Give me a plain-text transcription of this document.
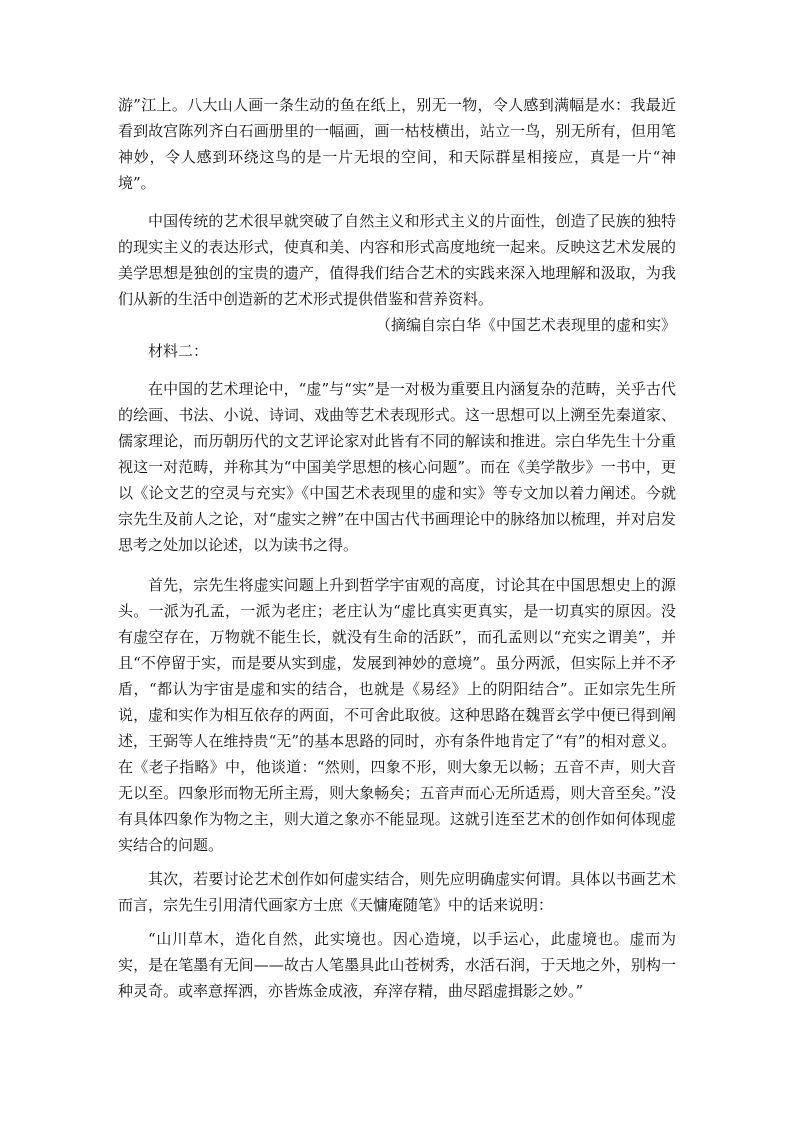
游”江上。八大山人画一条生动的鱼在纸上，别无一物，令人感到满幅是水：我最近看到故宫陈列齐白石画册里的一幅画，画一枯枝横出，站立一鸟，别无所有，但用笔神妙，令人感到环绕这鸟的是一片无垠的空间，和天际群星相接应，真是一片“神境”。

中国传统的艺术很早就突破了自然主义和形式主义的片面性，创造了民族的独特的现实主义的表达形式，使真和美、内容和形式高度地统一起来。反映这艺术发展的美学思想是独创的宝贵的遗产，值得我们结合艺术的实践来深入地理解和汲取，为我们从新的生活中创造新的艺术形式提供借鉴和营养资料。

（摘编自宗白华《中国艺术表现里的虚和实》

材料二：

在中国的艺术理论中，“虚”与“实”是一对极为重要且内涵复杂的范畴，关乎古代的绘画、书法、小说、诗词、戏曲等艺术表现形式。这一思想可以上溯至先秦道家、儒家理论，而历朝历代的文艺评论家对此皆有不同的解读和推进。宗白华先生十分重视这一对范畴，并称其为“中国美学思想的核心问题”。而在《美学散步》一书中，更以《论文艺的空灵与充实》《中国艺术表现里的虚和实》等专文加以着力阐述。今就宗先生及前人之论，对“虚实之辨”在中国古代书画理论中的脉络加以梳理，并对启发思考之处加以论述，以为读书之得。

首先，宗先生将虚实问题上升到哲学宇宙观的高度，讨论其在中国思想史上的源头。一派为孔孟，一派为老庄；老庄认为“虚比真实更真实，是一切真实的原因。没有虚空存在，万物就不能生长，就没有生命的活跃”，而孔孟则以“充实之谓美”，并且“不停留于实，而是要从实到虚，发展到神妙的意境”。虽分两派，但实际上并不矛盾，“都认为宇宙是虚和实的结合，也就是《易经》上的阴阳结合”。正如宗先生所说，虚和实作为相互依存的两面，不可舍此取彼。这种思路在魏晋玄学中便已得到阐述，王弼等人在维持贵“无”的基本思路的同时，亦有条件地肯定了“有”的相对意义。在《老子指略》中，他谈道：“然则，四象不形，则大象无以畅；五音不声，则大音无以至。四象形而物无所主焉，则大象畅矣；五音声而心无所适焉，则大音至矣。”没有具体四象作为物之主，则大道之象亦不能显现。这就引连至艺术的创作如何体现虚实结合的问题。

其次，若要讨论艺术创作如何虚实结合，则先应明确虚实何谓。具体以书画艺术而言，宗先生引用清代画家方士庶《天慵庵随笔》中的话来说明：

“山川草木，造化自然，此实境也。因心造境，以手运心，此虚境也。虚而为实，是在笔墨有无间——故古人笔墨具此山苍树秀，水活石润，于天地之外，别构一种灵奇。或率意挥洒，亦皆炼金成液，弃滓存精，曲尽蹈虚揖影之妙。”
